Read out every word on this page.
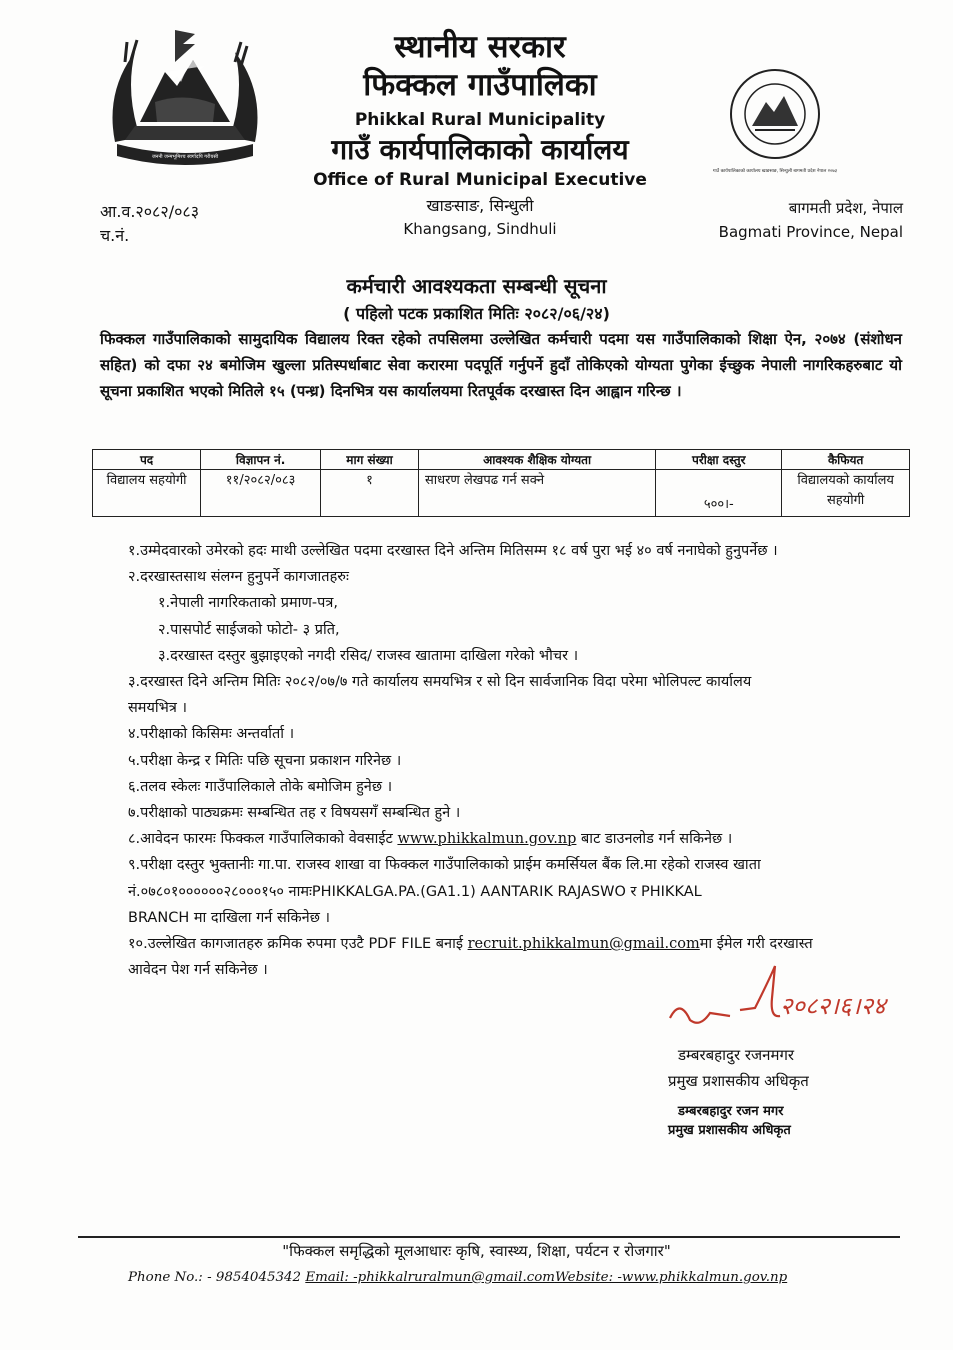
जननी जन्मभूमिश्च स्वर्गादपि गरीयसी
स्थानीय सरकार
फिक्कल गाउँपालिका
Phikkal Rural Municipality
गाउँ कार्यपालिकाको कार्यालय
Office of Rural Municipal Executive
खाङसाङ, सिन्धुली
Khangsang, Sindhuli
गाउँ कार्यपालिकाको कार्यालय खाङसाङ, सिन्धुली बागमती प्रदेश नेपाल २०७३
आ.व.२०८२/०८३
च.नं.
बागमती प्रदेश, नेपाल
Bagmati Province, Nepal
कर्मचारी आवश्यकता सम्बन्धी सूचना
( पहिलो पटक प्रकाशित मितिः २०८२/०६/२४)
फिक्कल गाउँपालिकाको सामुदायिक विद्यालय रिक्त रहेको तपसिलमा उल्लेखित कर्मचारी पदमा यस गाउँपालिकाको शिक्षा ऐन, २०७४ (संशोधन सहित) को दफा २४ बमोजिम खुल्ला प्रतिस्पर्धाबाट सेवा करारमा पदपूर्ति गर्नुपर्ने हुदाँ तोकिएको योग्यता पुगेका ईच्छुक नेपाली नागरिकहरुबाट यो सूचना प्रकाशित भएको मितिले १५ (पन्ध्र) दिनभित्र यस कार्यालयमा रितपूर्वक दरखास्त दिन आह्वान गरिन्छ ।
पद	विज्ञापन नं.	माग संख्या	आवश्यक शैक्षिक योग्यता	परीक्षा दस्तुर	कैफियत
विद्यालय सहयोगी	११/२०८२/०८३	१	साधरण लेखपढ गर्न सक्ने	५००।-	विद्यालयको कार्यालय सहयोगी
१.उम्मेदवारको उमेरको हदः माथी उल्लेखित पदमा दरखास्त दिने अन्तिम मितिसम्म १८ वर्ष पुरा भई ४० वर्ष ननाघेको हुनुपर्नेछ ।
२.दरखास्तसाथ संलग्न हुनुपर्ने कागजातहरुः
१.नेपाली नागरिकताको प्रमाण-पत्र,
२.पासपोर्ट साईजको फोटो- ३ प्रति,
३.दरखास्त दस्तुर बुझाइएको नगदी रसिद/ राजस्व खातामा दाखिला गरेको भौचर ।
३.दरखास्त दिने अन्तिम मितिः २०८२/०७/७ गते कार्यालय समयभित्र र सो दिन सार्वजानिक विदा परेमा भोलिपल्ट कार्यालय
समयभित्र ।
४.परीक्षाको किसिमः अन्तर्वार्ता ।
५.परीक्षा केन्द्र र मितिः पछि सूचना प्रकाशन गरिनेछ ।
६.तलव स्केलः गाउँपालिकाले तोके बमोजिम हुनेछ ।
७.परीक्षाको पाठ्यक्रमः सम्बन्धित तह र विषयसगँ सम्बन्धित हुने ।
८.आवेदन फारमः फिक्कल गाउँपालिकाको वेवसाईट www.phikkalmun.gov.np बाट डाउनलोड गर्न सकिनेछ ।
९.परीक्षा दस्तुर भुक्तानीः गा.पा. राजस्व शाखा वा फिक्कल गाउँपालिकाको प्राईम कमर्सियल बैंक लि.मा रहेको राजस्व खाता
नं.०७८०१००००००२८०००१५० नामःPHIKKALGA.PA.(GA1.1) AANTARIK RAJASWO र PHIKKAL
BRANCH मा दाखिला गर्न सकिनेछ ।
१०.उल्लेखित कागजातहरु क्रमिक रुपमा एउटै PDF FILE बनाई recruit.phikkalmun@gmail.comमा ईमेल गरी दरखास्त
आवेदन पेश गर्न सकिनेछ ।
२०८२।६।२४
डम्बरबहादुर रजनमगर
प्रमुख प्रशासकीय अधिकृत
डम्बरबहादुर रजन मगर
प्रमुख प्रशासकीय अधिकृत
"फिक्कल समृद्धिको मूलआधारः कृषि, स्वास्थ्य, शिक्षा, पर्यटन र रोजगार"
Phone No.: - 9854045342 Email: -phikkalruralmun@gmail.comWebsite: -www.phikkalmun.gov.np
